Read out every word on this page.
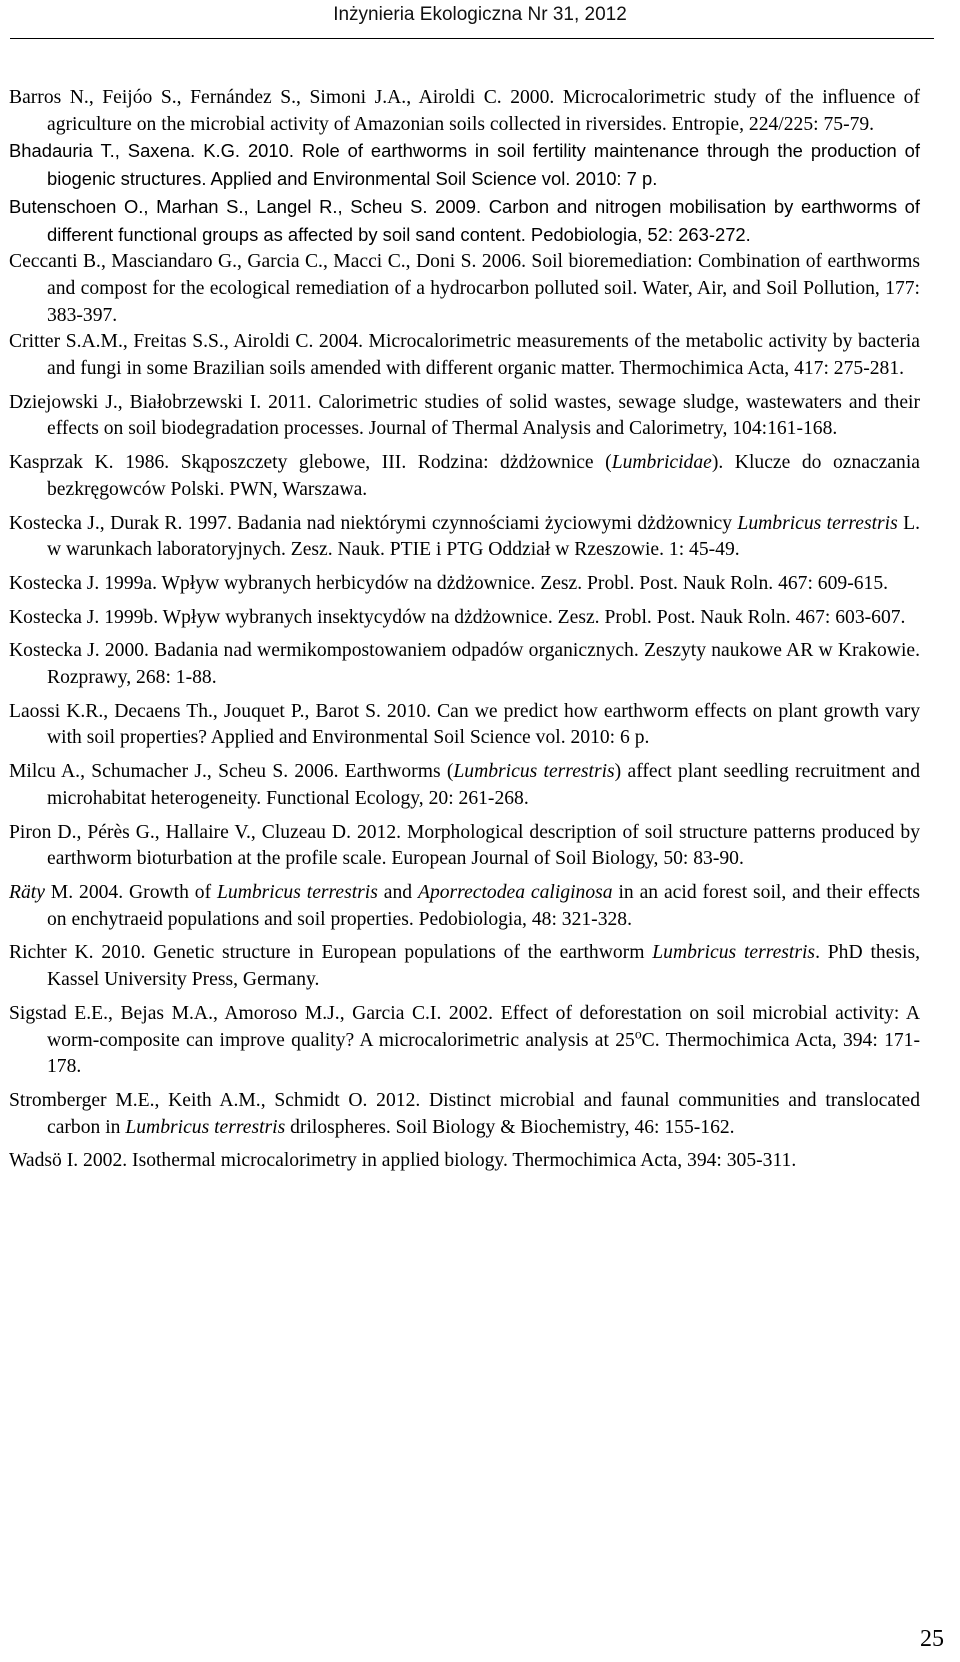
Inżynieria Ekologiczna Nr 31, 2012

Barros N., Feijóo S., Fernández S., Simoni J.A., Airoldi C. 2000. Microcalorimetric study of the influence of agriculture on the microbial activity of Amazonian soils collected in riversides. Entropie, 224/225: 75-79.

Bhadauria T., Saxena. K.G. 2010. Role of earthworms in soil fertility maintenance through the production of biogenic structures. Applied and Environmental Soil Science vol. 2010: 7 p.

Butenschoen O., Marhan S., Langel R., Scheu S. 2009. Carbon and nitrogen mobilisation by earthworms of different functional groups as affected by soil sand content. Pedobiologia, 52: 263-272.

Ceccanti B., Masciandaro G., Garcia C., Macci C., Doni S. 2006. Soil bioremediation: Combination of earthworms and compost for the ecological remediation of a hydrocarbon polluted soil. Water, Air, and Soil Pollution, 177: 383-397.

Critter S.A.M., Freitas S.S., Airoldi C. 2004. Microcalorimetric measurements of the metabolic activity by bacteria and fungi in some Brazilian soils amended with different organic matter. Thermochimica Acta, 417: 275-281.

Dziejowski J., Białobrzewski I. 2011. Calorimetric studies of solid wastes, sewage sludge, wastewaters and their effects on soil biodegradation processes. Journal of Thermal Analysis and Calorimetry, 104:161-168.

Kasprzak K. 1986. Skąposzczety glebowe, III. Rodzina: dżdżownice (Lumbricidae). Klucze do oznaczania bezkręgowców Polski. PWN, Warszawa.

Kostecka J., Durak R. 1997. Badania nad niektórymi czynnościami życiowymi dżdżownicy Lumbricus terrestris L. w warunkach laboratoryjnych. Zesz. Nauk. PTIE i PTG Oddział w Rzeszowie. 1: 45-49.

Kostecka J. 1999a. Wpływ wybranych herbicydów na dżdżownice. Zesz. Probl. Post. Nauk Roln. 467: 609-615.

Kostecka J. 1999b. Wpływ wybranych insektycydów na dżdżownice. Zesz. Probl. Post. Nauk Roln. 467: 603-607.

Kostecka J. 2000. Badania nad wermikompostowaniem odpadów organicznych. Zeszyty naukowe AR w Krakowie. Rozprawy, 268: 1-88.

Laossi K.R., Decaens Th., Jouquet P., Barot S. 2010. Can we predict how earthworm effects on plant growth vary with soil properties? Applied and Environmental Soil Science vol. 2010: 6 p.

Milcu A., Schumacher J., Scheu S. 2006. Earthworms (Lumbricus terrestris) affect plant seedling recruitment and microhabitat heterogeneity. Functional Ecology, 20: 261-268.

Piron D., Pérès G., Hallaire V., Cluzeau D. 2012. Morphological description of soil structure patterns produced by earthworm bioturbation at the profile scale. European Journal of Soil Biology, 50: 83-90.

Räty M. 2004. Growth of Lumbricus terrestris and Aporrectodea caliginosa in an acid forest soil, and their effects on enchytraeid populations and soil properties. Pedobiologia, 48: 321-328.

Richter K. 2010. Genetic structure in European populations of the earthworm Lumbricus terrestris. PhD thesis, Kassel University Press, Germany.

Sigstad E.E., Bejas M.A., Amoroso M.J., Garcia C.I. 2002. Effect of deforestation on soil microbial activity: A worm-composite can improve quality? A microcalorimetric analysis at 25$^o$C. Thermochimica Acta, 394: 171-178.

Stromberger M.E., Keith A.M., Schmidt O. 2012. Distinct microbial and faunal communities and translocated carbon in Lumbricus terrestris drilospheres. Soil Biology & Biochemistry, 46: 155-162.

Wadsö I. 2002. Isothermal microcalorimetry in applied biology. Thermochimica Acta, 394: 305-311.

25
